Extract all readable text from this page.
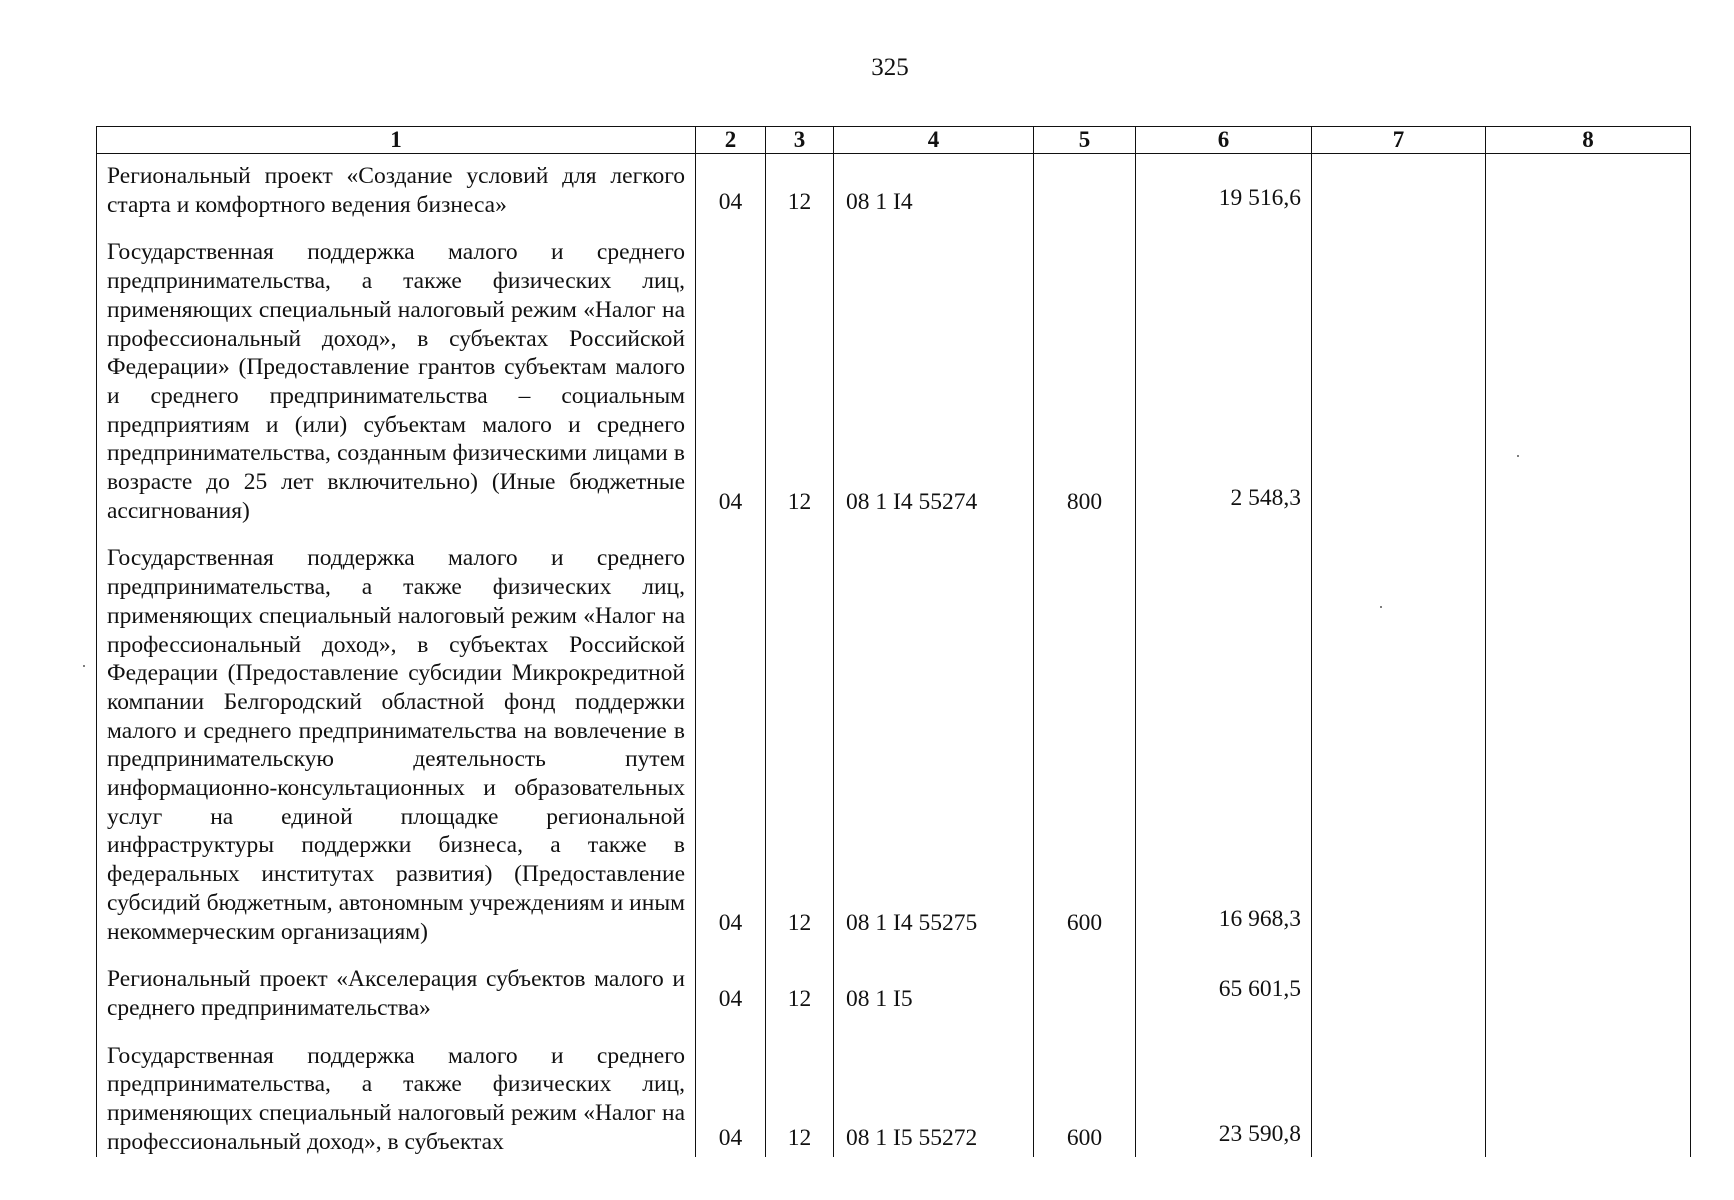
325
1	2	3	4	5	6	7	8
Региональный проект «Создание условий для легкого старта и комфортного ведения бизнеса»	04	12	08 1 I4		19 516,6		
Государственная поддержка малого и среднего предпринимательства, а также физических лиц, применяющих специальный налоговый режим «Налог на профессиональный доход», в субъектах Российской Федерации» (Предоставление грантов субъектам малого и среднего предпринимательства – социальным предприятиям и (или) субъектам малого и среднего предпринимательства, созданным физическими лицами в возрасте до 25 лет включительно) (Иные бюджетные ассигнования)	04	12	08 1 I4 55274	800	2 548,3		
Государственная поддержка малого и среднего предпринимательства, а также физических лиц, применяющих специальный налоговый режим «Налог на профессиональный доход», в субъектах Российской Федерации (Предоставление субсидии Микрокредитной компании Белгородский областной фонд поддержки малого и среднего предпринимательства на вовлечение в предпринимательскую деятельность путем информационно-консультационных и образовательных услуг на единой площадке региональной инфраструктуры поддержки бизнеса, а также в федеральных институтах развития) (Предоставление субсидий бюджетным, автономным учреждениям и иным некоммерческим организациям)	04	12	08 1 I4 55275	600	16 968,3		
Региональный проект «Акселерация субъектов малого и среднего предпринимательства»	04	12	08 1 I5		65 601,5		
Государственная поддержка малого и среднего предпринимательства, а также физических лиц, применяющих специальный налоговый режим «Налог на профессиональный доход», в субъектах	04	12	08 1 I5 55272	600	23 590,8		
